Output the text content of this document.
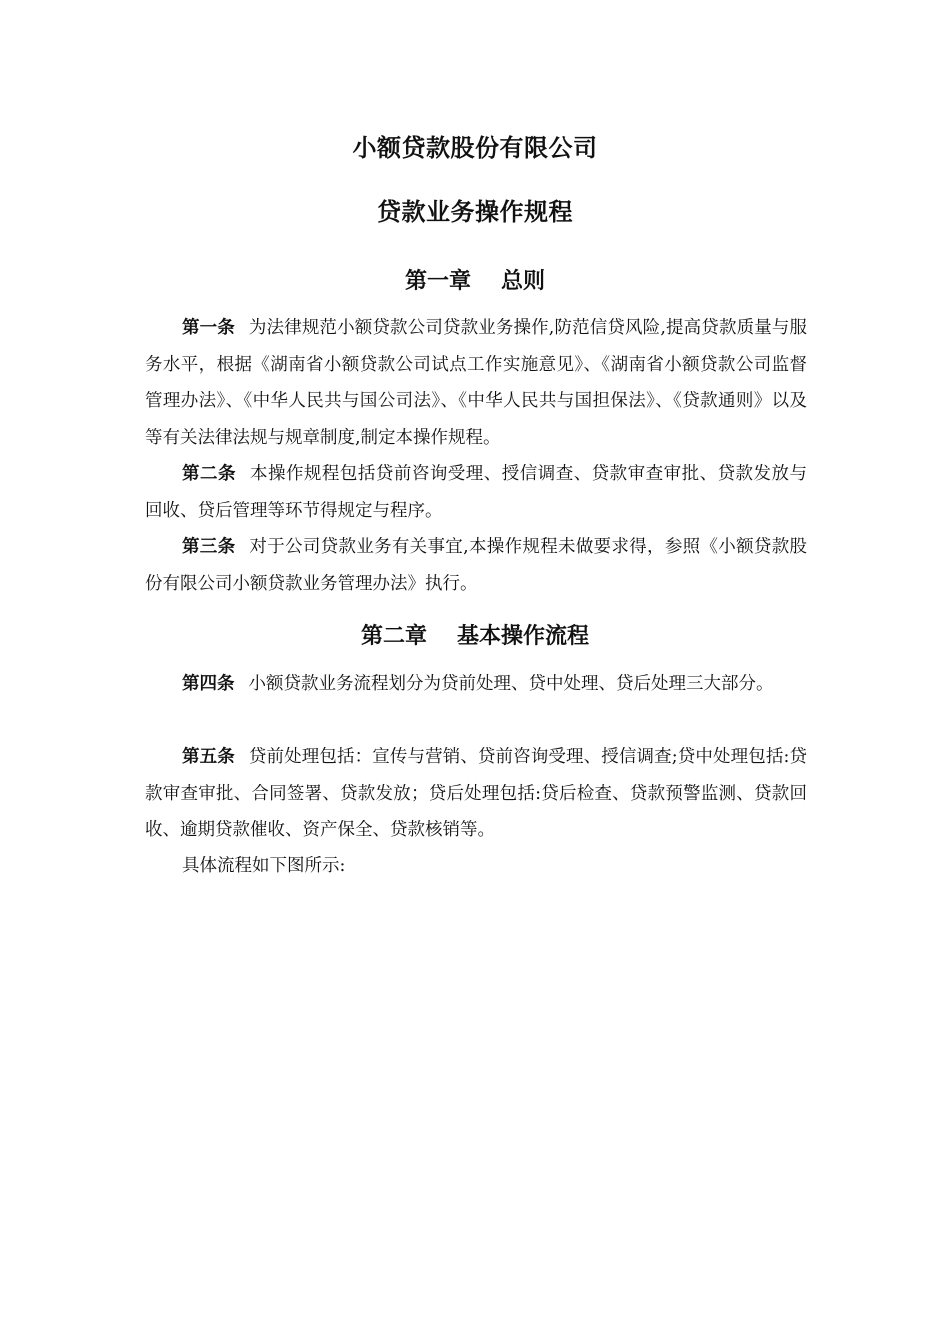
小额贷款股份有限公司
贷款业务操作规程
第一章 总则

第一条 为法律规范小额贷款公司贷款业务操作,防范信贷风险,提高贷款质量与服务水平，根据《湖南省小额贷款公司试点工作实施意见》、《湖南省小额贷款公司监督管理办法》、《中华人民共与国公司法》、《中华人民共与国担保法》、《贷款通则》以及等有关法律法规与规章制度,制定本操作规程。

第二条 本操作规程包括贷前咨询受理、授信调查、贷款审查审批、贷款发放与回收、贷后管理等环节得规定与程序。

第三条 对于公司贷款业务有关事宜,本操作规程未做要求得，参照《小额贷款股份有限公司小额贷款业务管理办法》执行。

第二章 基本操作流程

第四条 小额贷款业务流程划分为贷前处理、贷中处理、贷后处理三大部分。

第五条 贷前处理包括：宣传与营销、贷前咨询受理、授信调查;贷中处理包括:贷款审查审批、合同签署、贷款发放；贷后处理包括:贷后检查、贷款预警监测、贷款回收、逾期贷款催收、资产保全、贷款核销等。

具体流程如下图所示:
